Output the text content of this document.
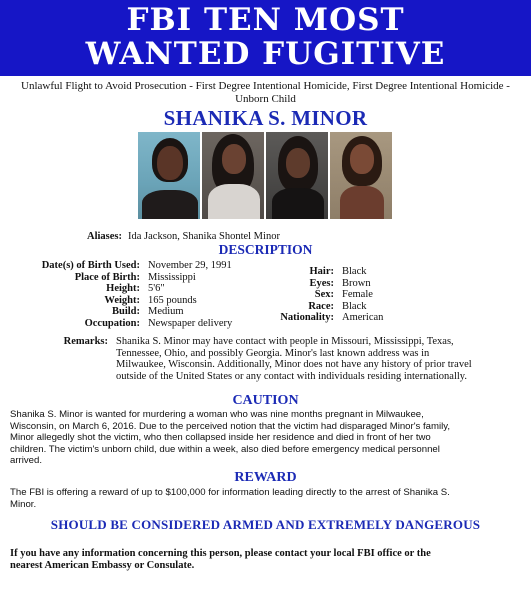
FBI TEN MOST
WANTED FUGITIVE
Unlawful Flight to Avoid Prosecution - First Degree Intentional Homicide, First Degree Intentional Homicide - Unborn Child
SHANIKA S. MINOR
Aliases: Ida Jackson, Shanika Shontel Minor
DESCRIPTION
Date(s) of Birth Used: November 29, 1991
Place of Birth: Mississippi
Height: 5'6"
Weight: 165 pounds
Build: Medium
Occupation: Newspaper delivery
Hair: Black
Eyes: Brown
Sex: Female
Race: Black
Nationality: American
Remarks: Shanika S. Minor may have contact with people in Missouri, Mississippi, Texas,
Tennessee, Ohio, and possibly Georgia. Minor's last known address was in
Milwaukee, Wisconsin. Additionally, Minor does not have any history of prior travel
outside of the United States or any contact with individuals residing internationally.
CAUTION
Shanika S. Minor is wanted for murdering a woman who was nine months pregnant in Milwaukee,
Wisconsin, on March 6, 2016. Due to the perceived notion that the victim had disparaged Minor's family,
Minor allegedly shot the victim, who then collapsed inside her residence and died in front of her two
children. The victim's unborn child, due within a week, also died before emergency medical personnel
arrived.
REWARD
The FBI is offering a reward of up to $100,000 for information leading directly to the arrest of Shanika S.
Minor.
SHOULD BE CONSIDERED ARMED AND EXTREMELY DANGEROUS
If you have any information concerning this person, please contact your local FBI office or the
nearest American Embassy or Consulate.
